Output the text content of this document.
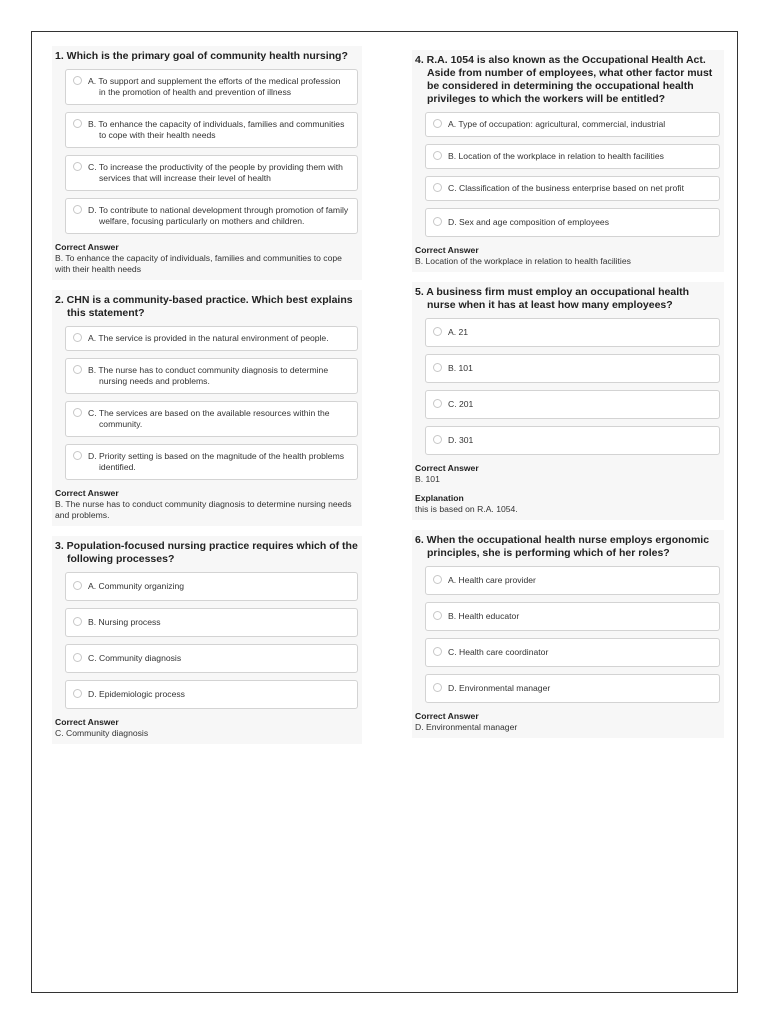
1. Which is the primary goal of community health nursing?
A. To support and supplement the efforts of the medical profession in the promotion of health and prevention of illness
B. To enhance the capacity of individuals, families and communities to cope with their health needs
C. To increase the productivity of the people by providing them with services that will increase their level of health
D. To contribute to national development through promotion of family welfare, focusing particularly on mothers and children.
Correct Answer
B. To enhance the capacity of individuals, families and communities to cope with their health needs
2. CHN is a community-based practice. Which best explains this statement?
A. The service is provided in the natural environment of people.
B. The nurse has to conduct community diagnosis to determine nursing needs and problems.
C. The services are based on the available resources within the community.
D. Priority setting is based on the magnitude of the health problems identified.
Correct Answer
B. The nurse has to conduct community diagnosis to determine nursing needs and problems.
3. Population-focused nursing practice requires which of the following processes?
A. Community organizing
B. Nursing process
C. Community diagnosis
D. Epidemiologic process
Correct Answer
C. Community diagnosis
4. R.A. 1054 is also known as the Occupational Health Act. Aside from number of employees, what other factor must be considered in determining the occupational health privileges to which the workers will be entitled?
A. Type of occupation: agricultural, commercial, industrial
B. Location of the workplace in relation to health facilities
C. Classification of the business enterprise based on net profit
D. Sex and age composition of employees
Correct Answer
B. Location of the workplace in relation to health facilities
5. A business firm must employ an occupational health nurse when it has at least how many employees?
A. 21
B. 101
C. 201
D. 301
Correct Answer
B. 101
Explanation
this is based on R.A. 1054.
6. When the occupational health nurse employs ergonomic principles, she is performing which of her roles?
A. Health care provider
B. Health educator
C. Health care coordinator
D. Environmental manager
Correct Answer
D. Environmental manager
